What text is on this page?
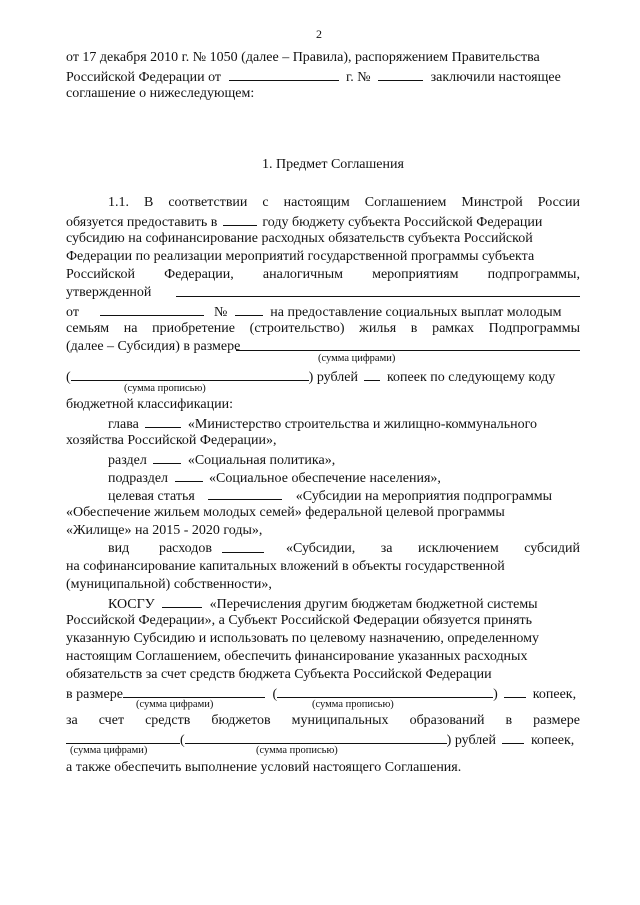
2
от 17 декабря 2010 г. № 1050 (далее – Правила), распоряжением Правительства
Российской Федерации от	г. №	заключили настоящее
соглашение о нижеследующем:
1. Предмет Соглашения
1.1. В соответствии с настоящим Соглашением Минстрой России
обязуется предоставить в	году бюджету субъекта Российской Федерации
субсидию на софинансирование расходных обязательств субъекта Российской
Федерации по реализации мероприятий государственной программы субъекта
Российской Федерации, аналогичным мероприятиям подпрограммы,
утвержденной
от	№	на предоставление социальных выплат молодым
семьям на приобретение (строительство) жилья в рамках Подпрограммы
(далее – Субсидия) в размере
(сумма цифрами)
(	) рублей копеек по следующему коду
(сумма прописью)
бюджетной классификации:
глава	«Министерство строительства и жилищно-коммунального
хозяйства Российской Федерации»,
раздел	«Социальная политика»,
подраздел	«Социальное обеспечение населения»,
целевая статья	«Субсидии на мероприятия подпрограммы
«Обеспечение жильем молодых семей» федеральной целевой программы
«Жилище» на 2015 - 2020 годы»,
вид расходов	«Субсидии, за исключением субсидий
на софинансирование капитальных вложений в объекты государственной
(муниципальной) собственности»,
КОСГУ	«Перечисления другим бюджетам бюджетной системы
Российской Федерации», а Субъект Российской Федерации обязуется принять
указанную Субсидию и использовать по целевому назначению, определенному
настоящим Соглашением, обеспечить финансирование указанных расходных
обязательств за счет средств бюджета Субъекта Российской Федерации
в размере	(	)	копеек,
(сумма цифрами)	(сумма прописью)
за счет средств бюджетов муниципальных образований в размере
(	) рублей	копеек,
(сумма цифрами)	(сумма прописью)
а также обеспечить выполнение условий настоящего Соглашения.
